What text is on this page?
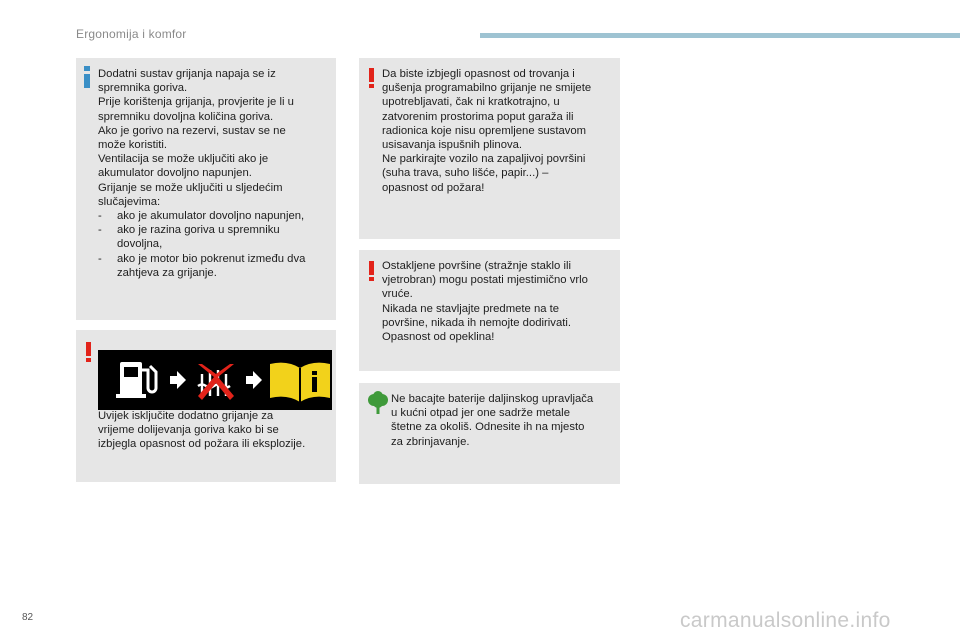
Ergonomija i komfor

Dodatni sustav grijanja napaja se iz

spremnika goriva.

Prije korištenja grijanja, provjerite je li u

spremniku dovoljna količina goriva.

Ako je gorivo na rezervi, sustav se ne

može koristiti.

Ventilacija se može uključiti ako je

akumulator dovoljno napunjen.

Grijanje se može uključiti u sljedećim

slučajevima:

- ako je akumulator dovoljno napunjen,
- ako je razina goriva u spremniku
dovoljna,
- ako je motor bio pokrenut između dva
zahtjeva za grijanje.

Uvijek isključite dodatno grijanje za

vrijeme dolijevanja goriva kako bi se

izbjegla opasnost od požara ili eksplozije.

Da biste izbjegli opasnost od trovanja i

gušenja programabilno grijanje ne smijete

upotrebljavati, čak ni kratkotrajno, u

zatvorenim prostorima poput garaža ili

radionica koje nisu opremljene sustavom

usisavanja ispušnih plinova.

Ne parkirajte vozilo na zapaljivoj površini

(suha trava, suho lišće, papir...) –

opasnost od požara!

Ostakljene površine (stražnje staklo ili

vjetrobran) mogu postati mjestimično vrlo

vruće.

Nikada ne stavljajte predmete na te

površine, nikada ih nemojte dodirivati.

Opasnost od opeklina!

Ne bacajte baterije daljinskog upravljača

u kućni otpad jer one sadrže metale

štetne za okoliš. Odnesite ih na mjesto

za zbrinjavanje.

82	carmanualsonline.info
